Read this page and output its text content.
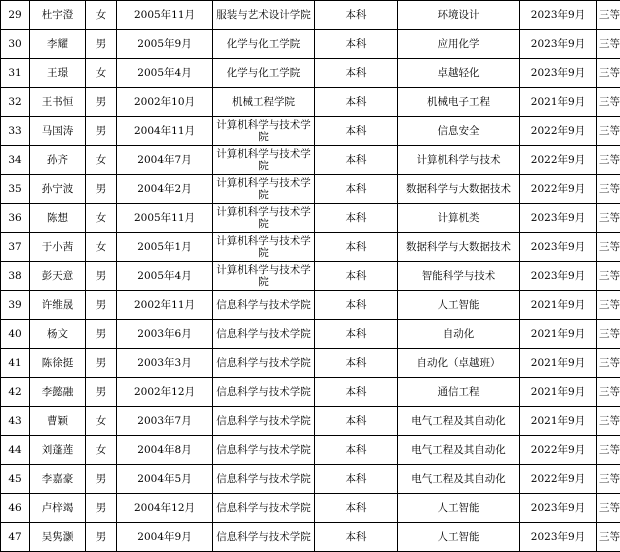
29	杜宇澄	女	2005年11月	服装与艺术设计学院	本科	环境设计	2023年9月	三等
30	李耀	男	2005年9月	化学与化工学院	本科	应用化学	2023年9月	三等
31	王璟	女	2005年4月	化学与化工学院	本科	卓越轻化	2023年9月	三等
32	王书恒	男	2002年10月	机械工程学院	本科	机械电子工程	2021年9月	三等
33	马国涛	男	2004年11月	计算机科学与技术学院	本科	信息安全	2022年9月	三等
34	孙齐	女	2004年7月	计算机科学与技术学院	本科	计算机科学与技术	2022年9月	三等
35	孙宁波	男	2004年2月	计算机科学与技术学院	本科	数据科学与大数据技术	2022年9月	三等
36	陈想	女	2005年11月	计算机科学与技术学院	本科	计算机类	2023年9月	三等
37	于小茜	女	2005年1月	计算机科学与技术学院	本科	数据科学与大数据技术	2023年9月	三等
38	彭天意	男	2005年4月	计算机科学与技术学院	本科	智能科学与技术	2023年9月	三等
39	许维晟	男	2002年11月	信息科学与技术学院	本科	人工智能	2021年9月	三等
40	杨文	男	2003年6月	信息科学与技术学院	本科	自动化	2021年9月	三等
41	陈徐挺	男	2003年3月	信息科学与技术学院	本科	自动化（卓越班）	2021年9月	三等
42	李懿融	男	2002年12月	信息科学与技术学院	本科	通信工程	2021年9月	三等
43	曹颖	女	2003年7月	信息科学与技术学院	本科	电气工程及其自动化	2021年9月	三等
44	刘蓬莲	女	2004年8月	信息科学与技术学院	本科	电气工程及其自动化	2022年9月	三等
45	李嘉豪	男	2004年5月	信息科学与技术学院	本科	电气工程及其自动化	2022年9月	三等
46	卢梓竭	男	2004年12月	信息科学与技术学院	本科	人工智能	2023年9月	三等
47	吴隽灏	男	2004年9月	信息科学与技术学院	本科	人工智能	2023年9月	三等
